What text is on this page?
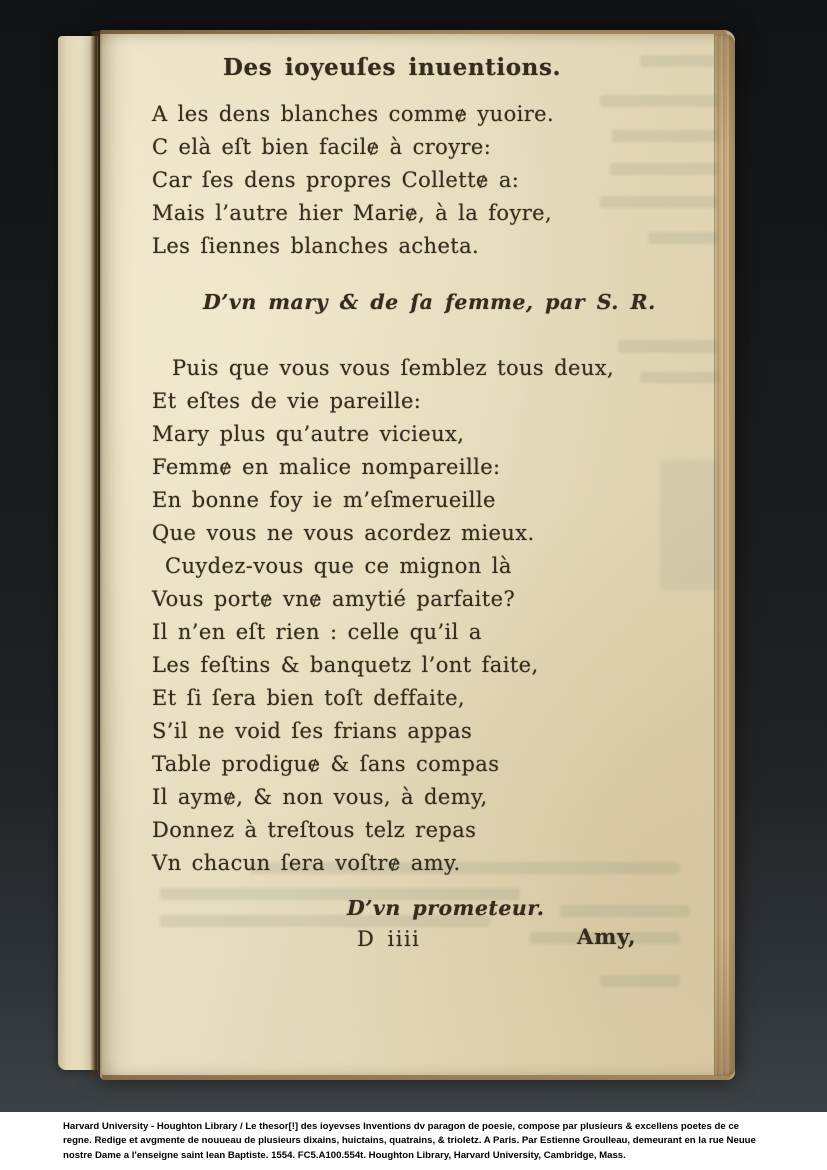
Des ioyeuſes inuentions.
A les dens blanches commɇ yuoire.
C elà eſt bien facilɇ à croyre:
Car ſes dens propres Collettɇ a:
Mais l’autre hier Mariɇ, à la foyre,
Les ſiennes blanches acheta.
D’vn mary & de ſa femme, par S. R.
Puis que vous vous ſemblez tous deux,
Et eſtes de vie pareille:
Mary plus qu’autre vicieux,
Femmɇ en malice nompareille:
En bonne foy ie m’eſmerueille
Que vous ne vous acordez mieux.
Cuydez-vous que ce mignon là
Vous portɇ vnɇ amytié parfaite?
Il n’en eſt rien : celle qu’il a
Les feſtins & banquetz l’ont faite,
Et ſi ſera bien toſt deffaite,
S’il ne void ſes frians appas
Table prodiguɇ & ſans compas
Il aymɇ, & non vous, à demy,
Donnez à treſtous telz repas
Vn chacun ſera voſtrɇ amy.
D’vn prometeur.
D iiii	Amy,
Harvard University - Houghton Library / Le thesor[!] des ioyevses Inventions dv paragon de poesie, compose par plusieurs & excellens poetes de ce
regne. Redige et avgmente de nouueau de plusieurs dixains, huictains, quatrains, & trioletz. A Paris. Par Estienne Groulleau, demeurant en la rue Neuue
nostre Dame a l'enseigne saint Iean Baptiste. 1554. FC5.A100.554t. Houghton Library, Harvard University, Cambridge, Mass.
